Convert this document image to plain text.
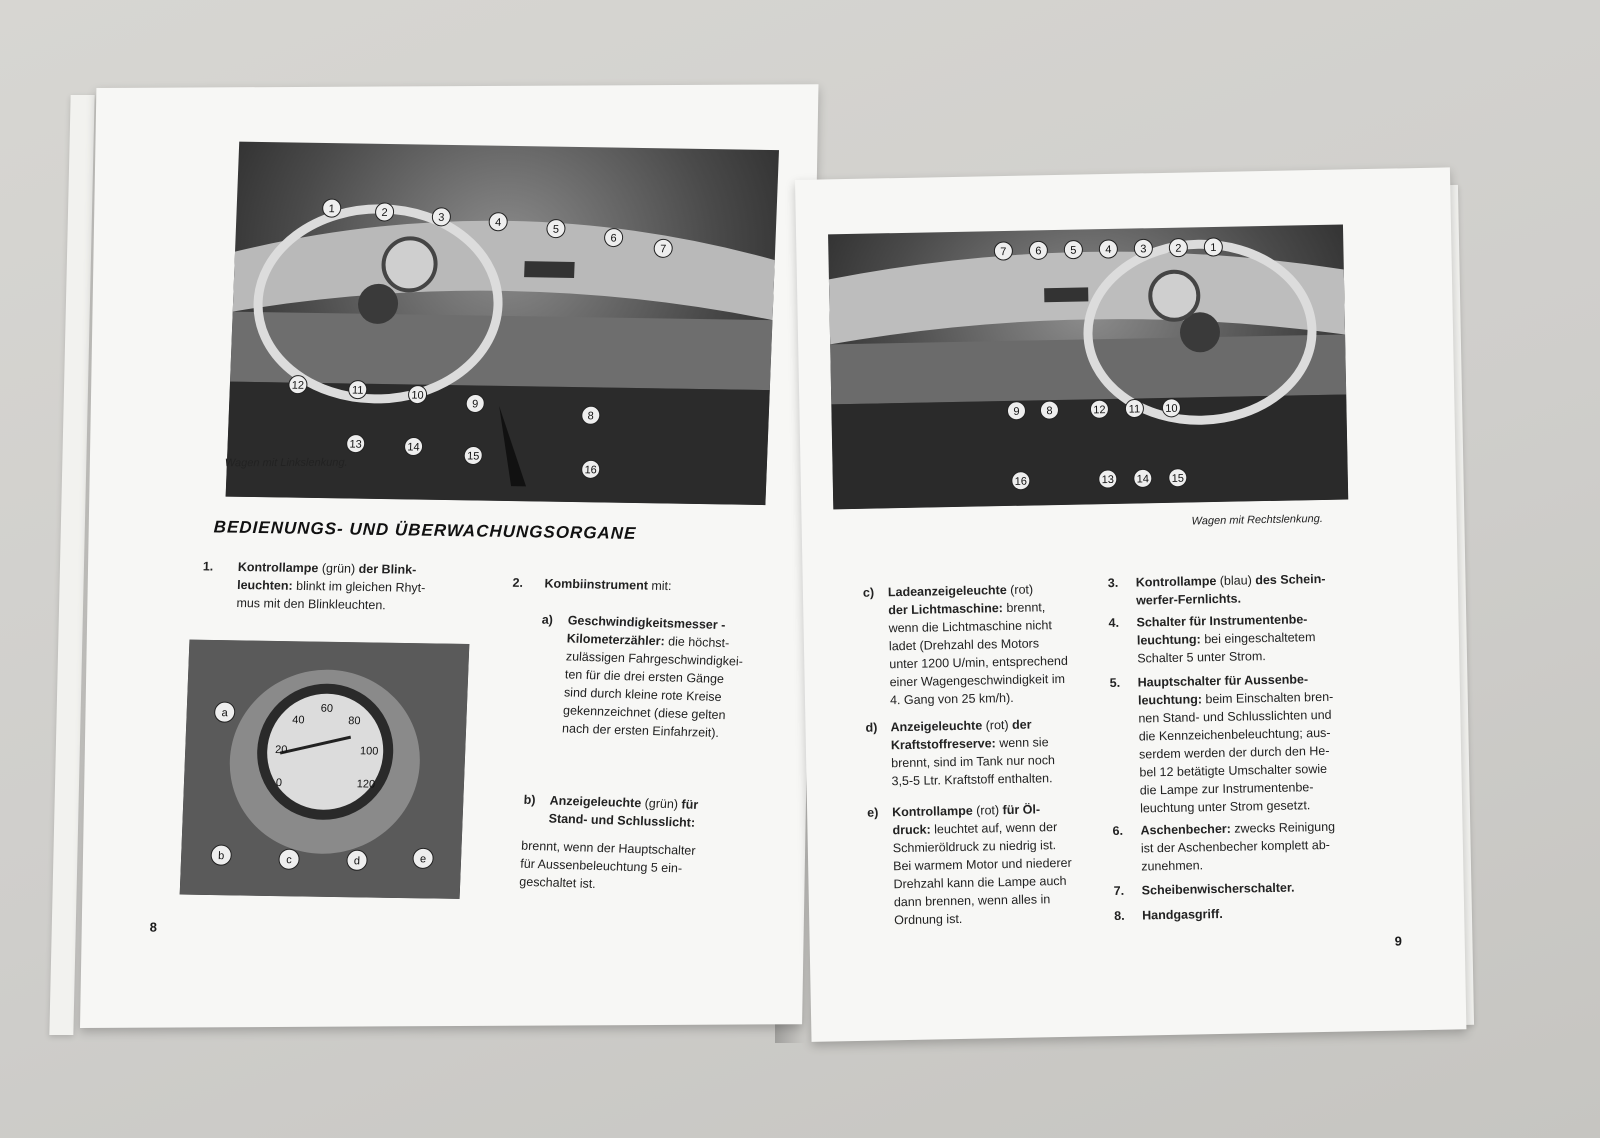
1	2	3	4
5
6
7
8
9
10
11
12
13	14
15
16
Wagen mit Linkslenkung.
BEDIENUNGS- UND ÜBERWACHUNGSORGANE
1. Kontrollampe (grün) der Blink-
leuchten: blinkt im gleichen Rhyt-
mus mit den Blinkleuchten.
0
20
40
60
80
100
120
a
b	c	d	e
2. Kombiinstrument mit:
a)	Geschwindigkeitsmesser -
Kilometerzähler: die höchst-
zulässigen Fahrgeschwindigkei-
ten für die drei ersten Gänge
sind durch kleine rote Kreise
gekennzeichnet (diese gelten
nach der ersten Einfahrzeit).
b) Anzeigeleuchte (grün) für
Stand- und Schlusslicht:
brennt, wenn der Hauptschalter
für Aussenbeleuchtung 5 ein-
geschaltet ist.
8
7	6	5	4	3	2	1
9 8	12 11 10
16	13 14 15
Wagen mit Rechtslenkung.
c) Ladeanzeigeleuchte (rot)
der Lichtmaschine: brennt,
wenn die Lichtmaschine nicht
ladet (Drehzahl des Motors
unter 1200 U/min, entsprechend
einer Wagengeschwindigkeit im
4. Gang von 25 km/h).
d) Anzeigeleuchte (rot) der
Kraftstoffreserve: wenn sie
brennt, sind im Tank nur noch
3,5-5 Ltr. Kraftstoff enthalten.
e) Kontrollampe (rot) für Öl-
druck: leuchtet auf, wenn der
Schmieröldruck zu niedrig ist.
Bei warmem Motor und niederer
Drehzahl kann die Lampe auch
dann brennen, wenn alles in
Ordnung ist.
3. Kontrollampe (blau) des Schein-
werfer-Fernlichts.
4. Schalter für Instrumentenbe-
leuchtung: bei eingeschaltetem
Schalter 5 unter Strom.
5. Hauptschalter für Aussenbe-
leuchtung: beim Einschalten bren-
nen Stand- und Schlusslichten und
die Kennzeichenbeleuchtung; aus-
serdem werden der durch den He-
bel 12 betätigte Umschalter sowie
die Lampe zur Instrumentenbe-
leuchtung unter Strom gesetzt.
6. Aschenbecher: zwecks Reinigung
ist der Aschenbecher komplett ab-
zunehmen.
7. Scheibenwischerschalter.
8. Handgasgriff.
9
